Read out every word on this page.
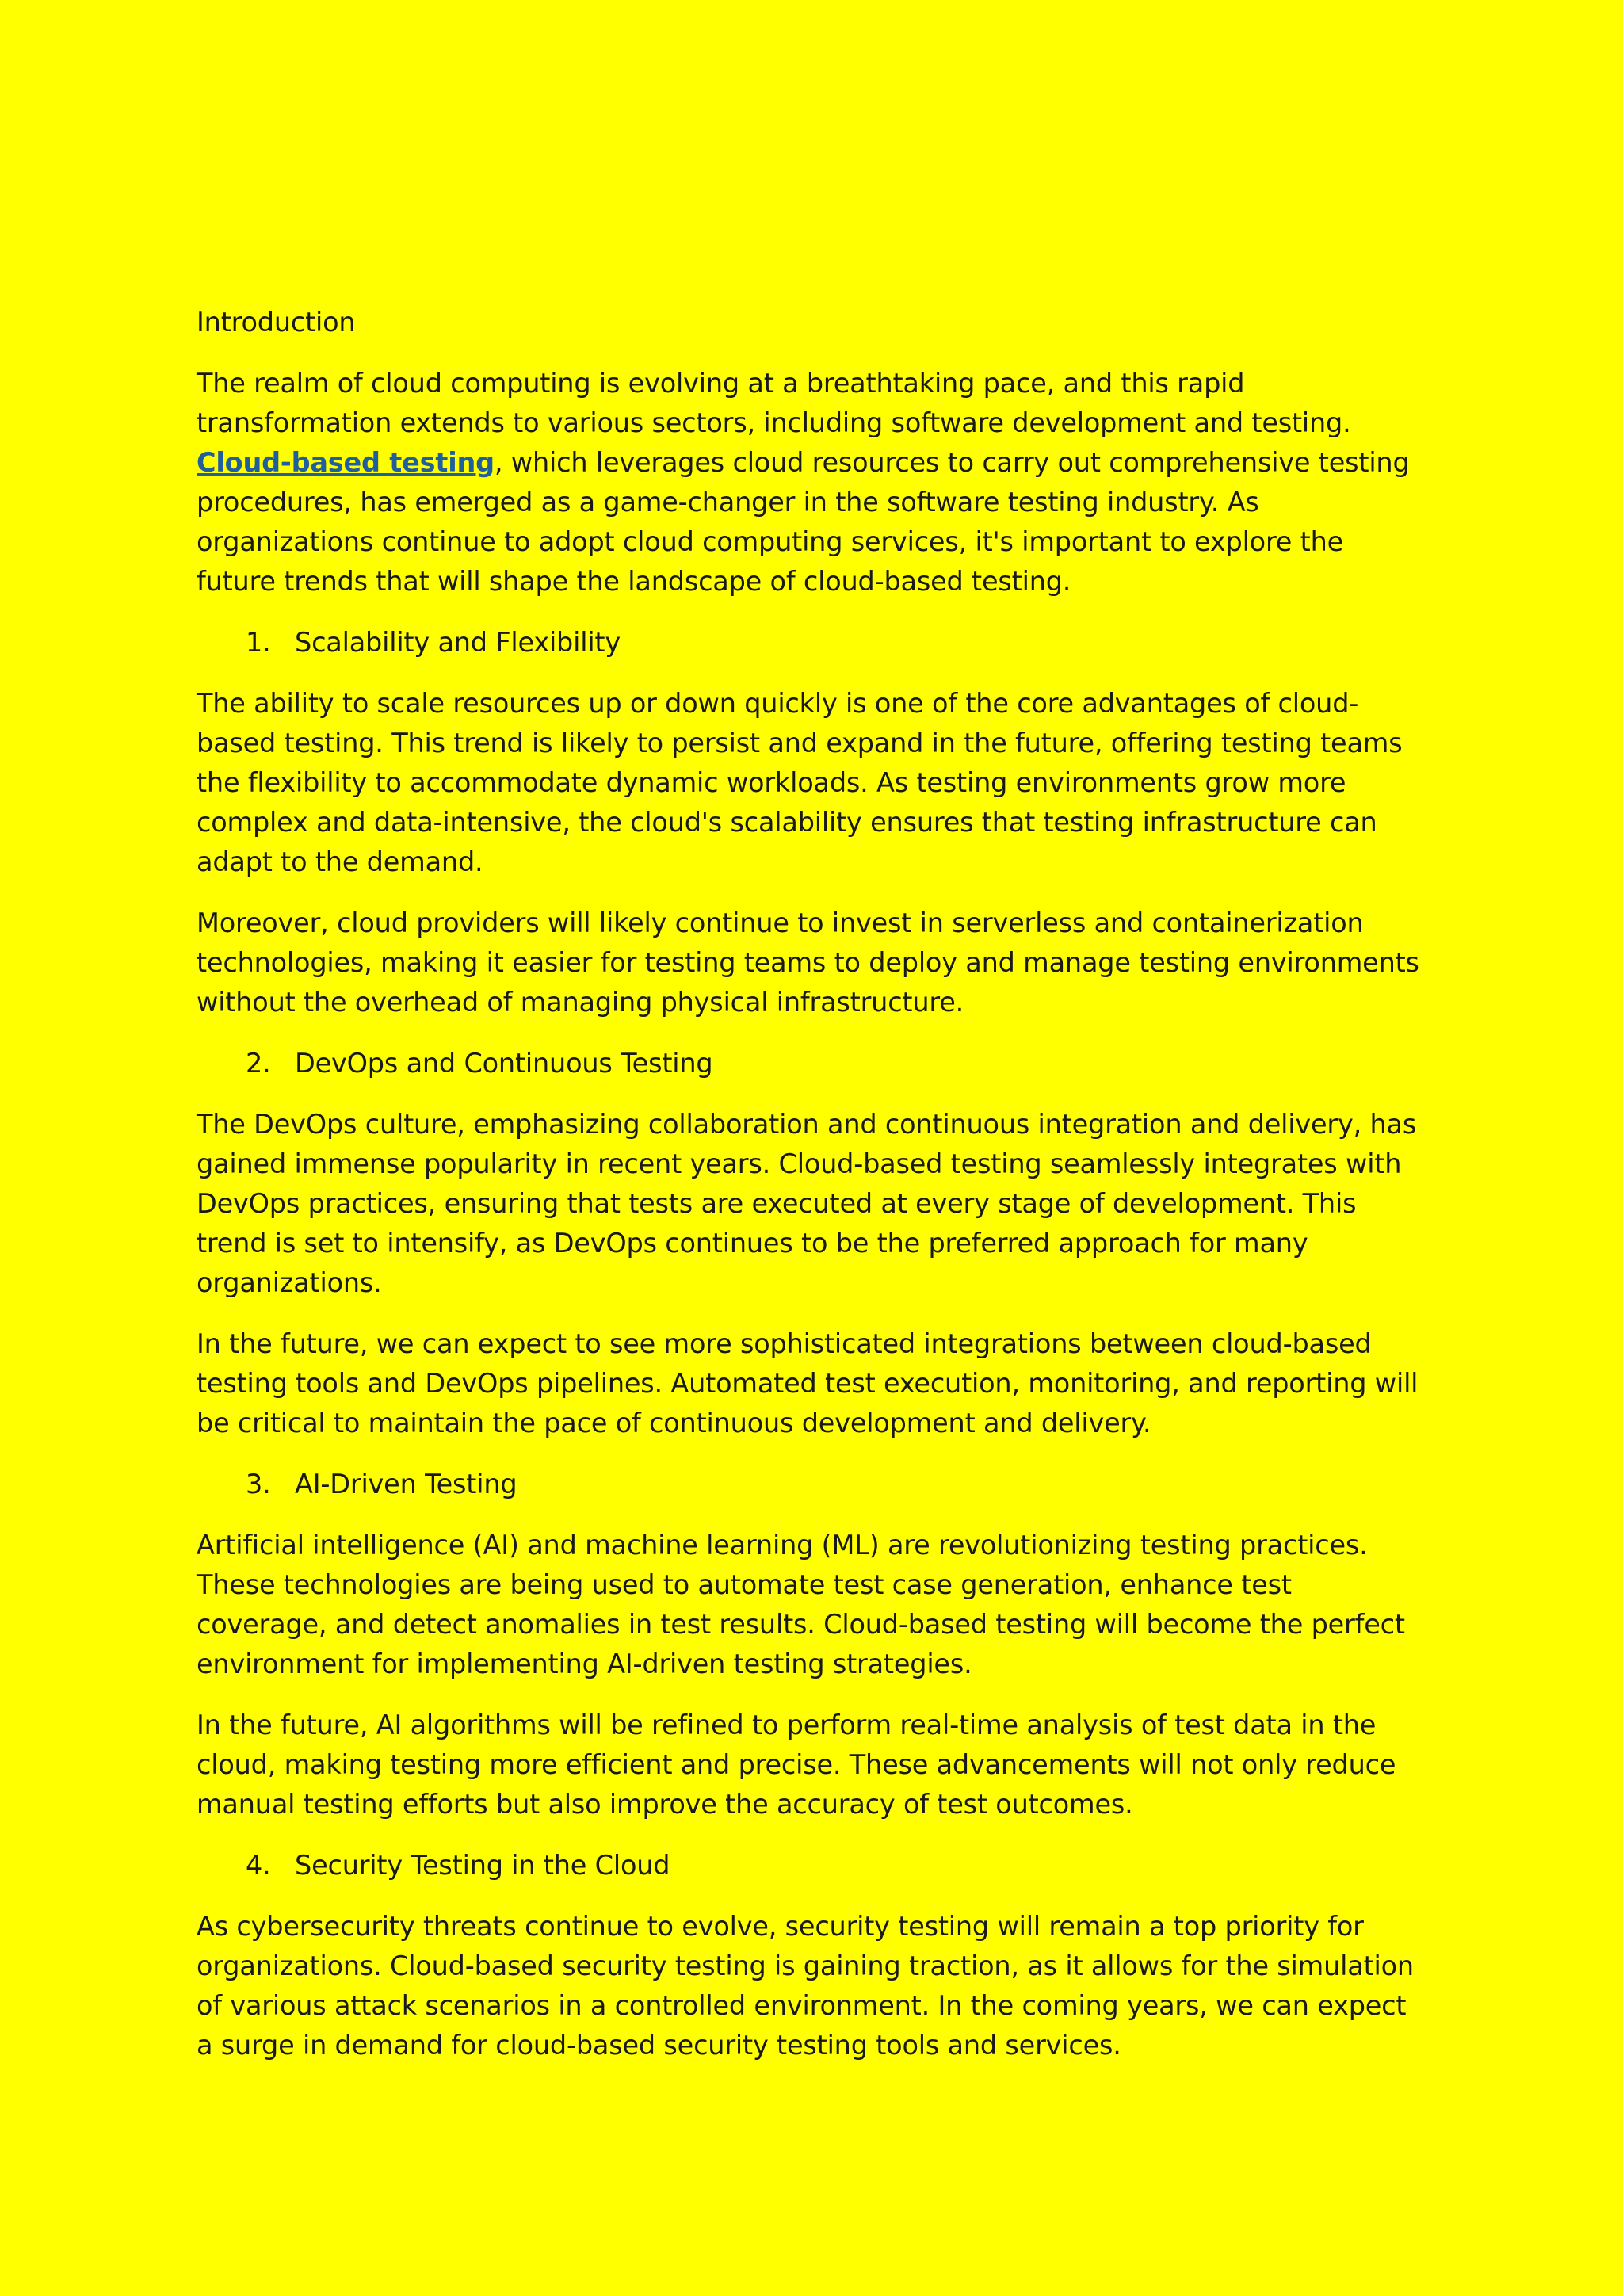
Introduction

The realm of cloud computing is evolving at a breathtaking pace, and this rapid transformation extends to various sectors, including software development and testing. Cloud-based testing, which leverages cloud resources to carry out comprehensive testing procedures, has emerged as a game-changer in the software testing industry. As organizations continue to adopt cloud computing services, it's important to explore the future trends that will shape the landscape of cloud-based testing.

1. Scalability and Flexibility

The ability to scale resources up or down quickly is one of the core advantages of cloud-based testing. This trend is likely to persist and expand in the future, offering testing teams the flexibility to accommodate dynamic workloads. As testing environments grow more complex and data-intensive, the cloud's scalability ensures that testing infrastructure can adapt to the demand.

Moreover, cloud providers will likely continue to invest in serverless and containerization technologies, making it easier for testing teams to deploy and manage testing environments without the overhead of managing physical infrastructure.

2. DevOps and Continuous Testing

The DevOps culture, emphasizing collaboration and continuous integration and delivery, has gained immense popularity in recent years. Cloud-based testing seamlessly integrates with DevOps practices, ensuring that tests are executed at every stage of development. This trend is set to intensify, as DevOps continues to be the preferred approach for many organizations.

In the future, we can expect to see more sophisticated integrations between cloud-based testing tools and DevOps pipelines. Automated test execution, monitoring, and reporting will be critical to maintain the pace of continuous development and delivery.

3. AI-Driven Testing

Artificial intelligence (AI) and machine learning (ML) are revolutionizing testing practices. These technologies are being used to automate test case generation, enhance test coverage, and detect anomalies in test results. Cloud-based testing will become the perfect environment for implementing AI-driven testing strategies.

In the future, AI algorithms will be refined to perform real-time analysis of test data in the cloud, making testing more efficient and precise. These advancements will not only reduce manual testing efforts but also improve the accuracy of test outcomes.

4. Security Testing in the Cloud

As cybersecurity threats continue to evolve, security testing will remain a top priority for organizations. Cloud-based security testing is gaining traction, as it allows for the simulation of various attack scenarios in a controlled environment. In the coming years, we can expect a surge in demand for cloud-based security testing tools and services.
